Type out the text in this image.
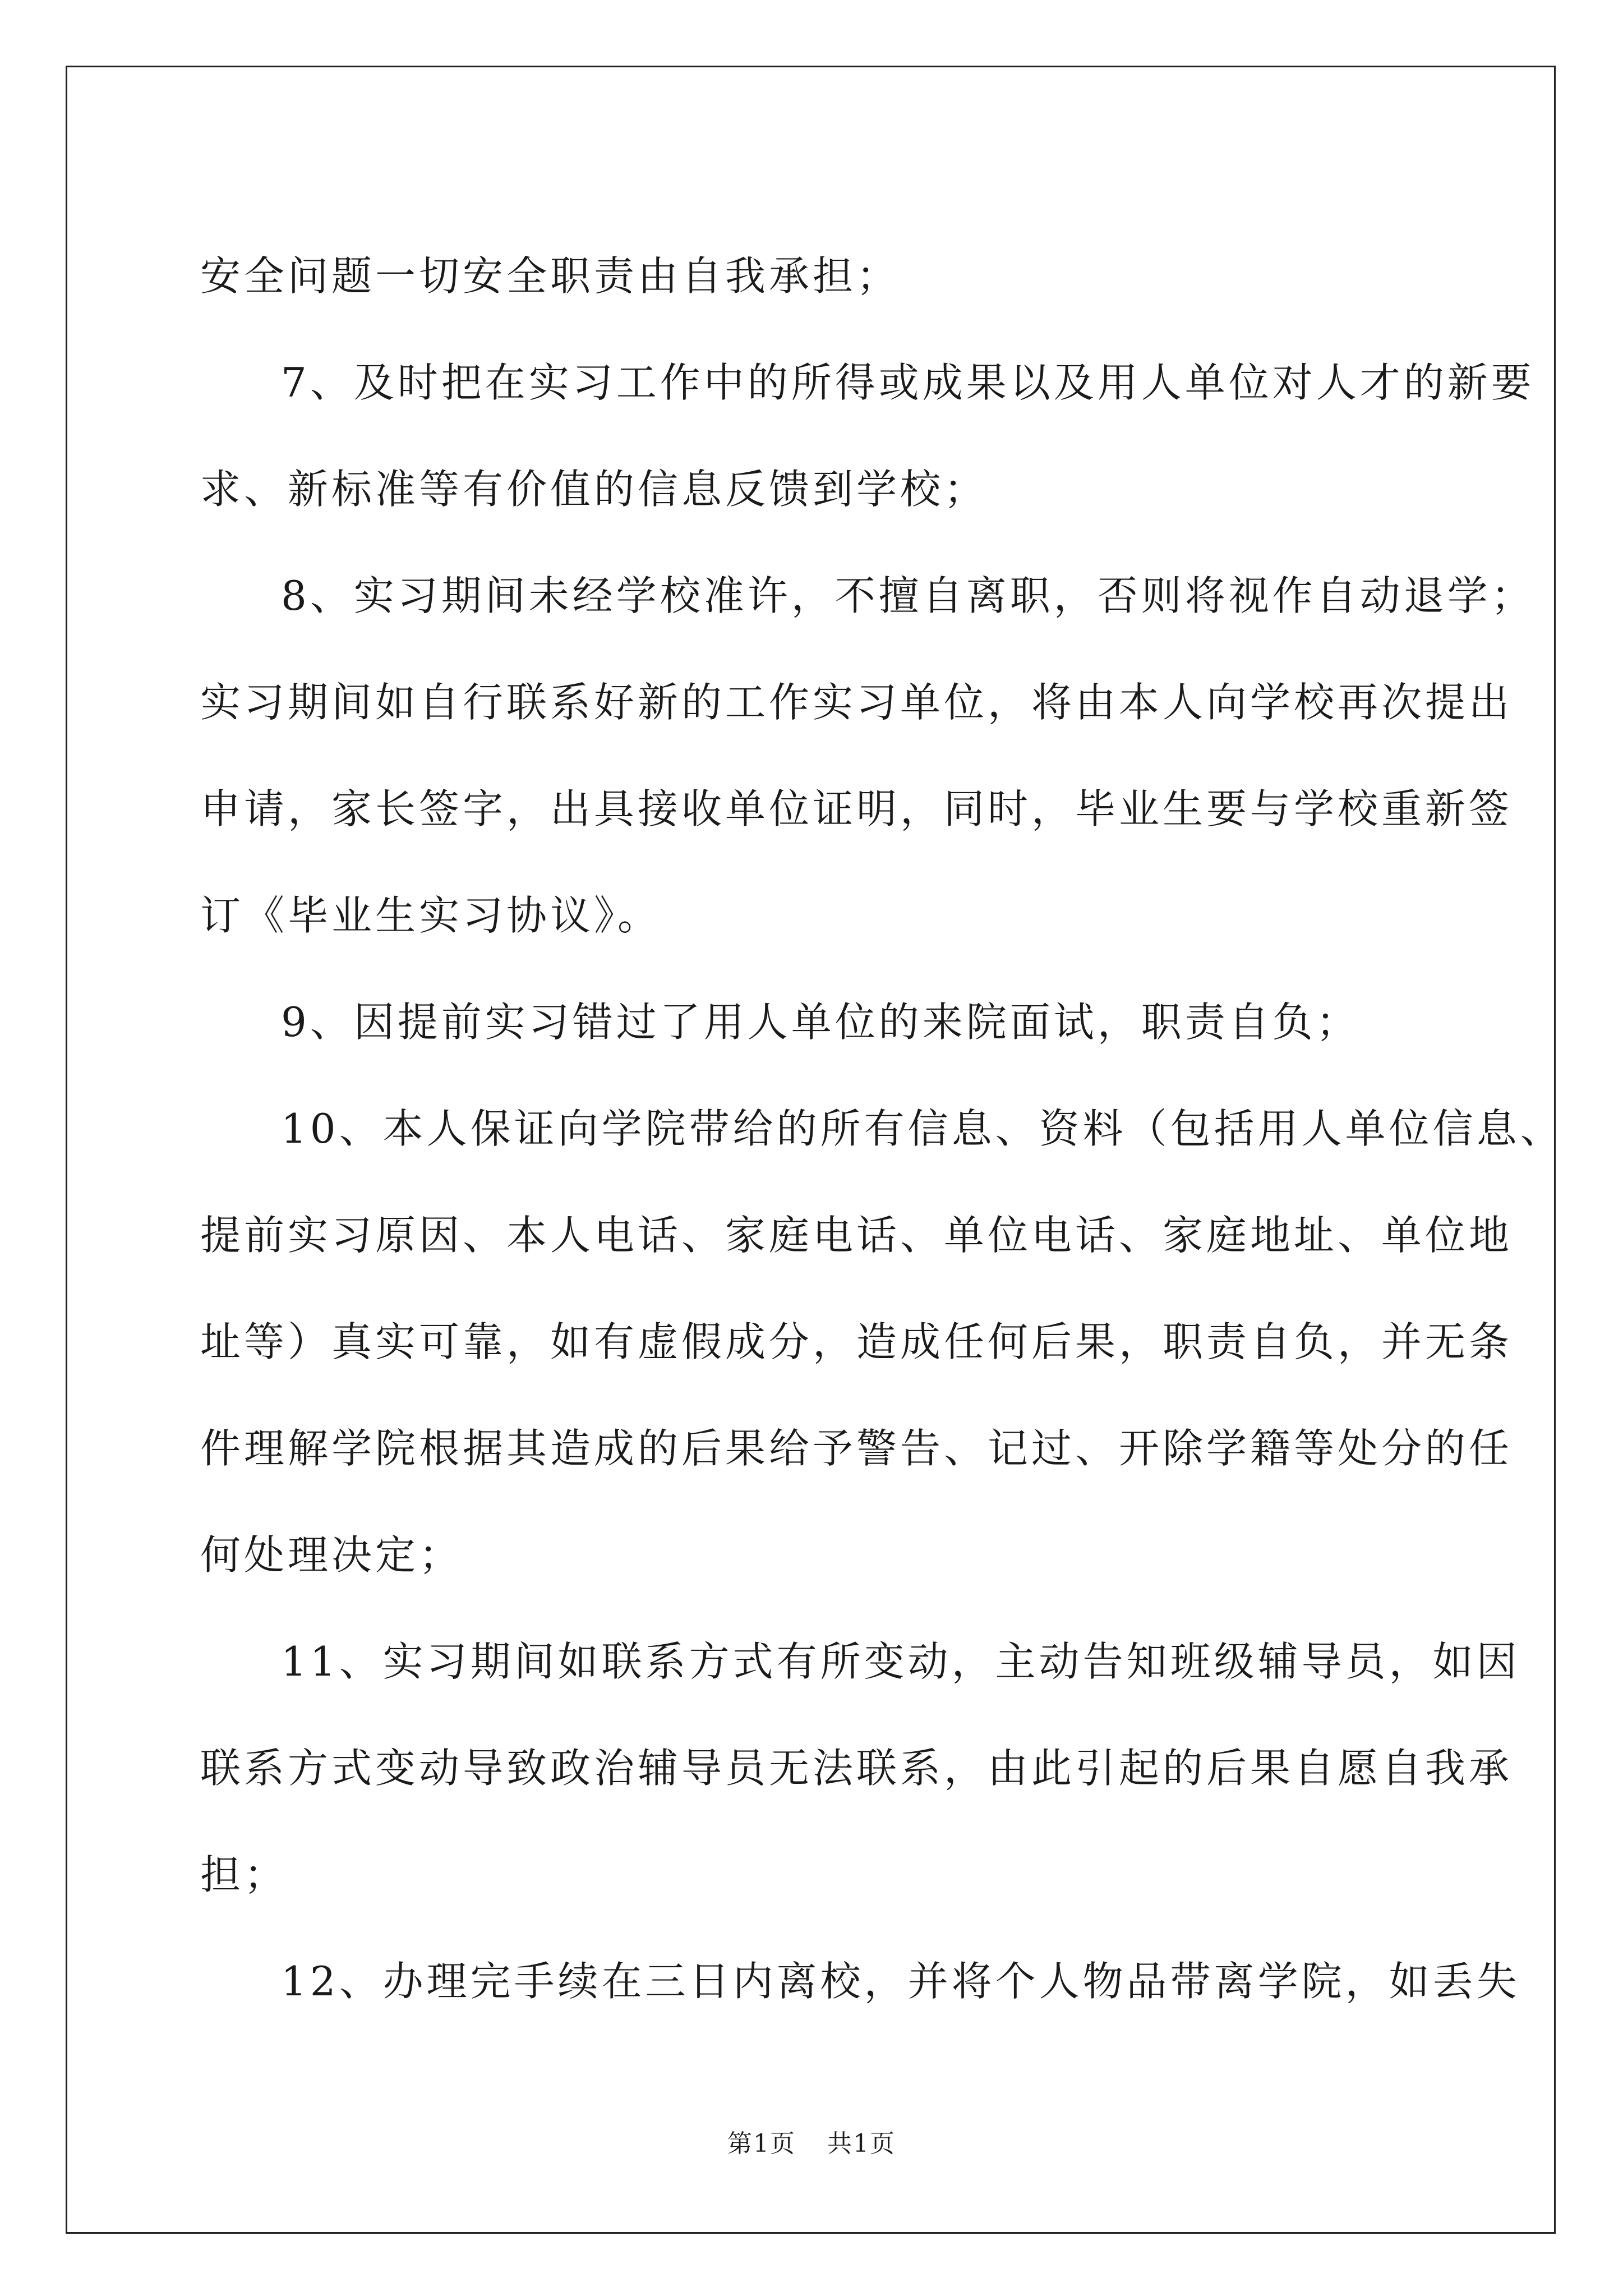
安全问题一切安全职责由自我承担；

7、及时把在实习工作中的所得或成果以及用人单位对人才的新要

求、新标准等有价值的信息反馈到学校；

8、实习期间未经学校准许，不擅自离职，否则将视作自动退学；

实习期间如自行联系好新的工作实习单位，将由本人向学校再次提出

申请，家长签字，出具接收单位证明，同时，毕业生要与学校重新签

订《毕业生实习协议》。

9、因提前实习错过了用人单位的来院面试，职责自负；

10、本人保证向学院带给的所有信息、资料（包括用人单位信息、

提前实习原因、本人电话、家庭电话、单位电话、家庭地址、单位地

址等）真实可靠，如有虚假成分，造成任何后果，职责自负，并无条

件理解学院根据其造成的后果给予警告、记过、开除学籍等处分的任

何处理决定；

11、实习期间如联系方式有所变动，主动告知班级辅导员，如因

联系方式变动导致政治辅导员无法联系，由此引起的后果自愿自我承

担；

12、办理完手续在三日内离校，并将个人物品带离学院，如丢失

第1页 共1页
